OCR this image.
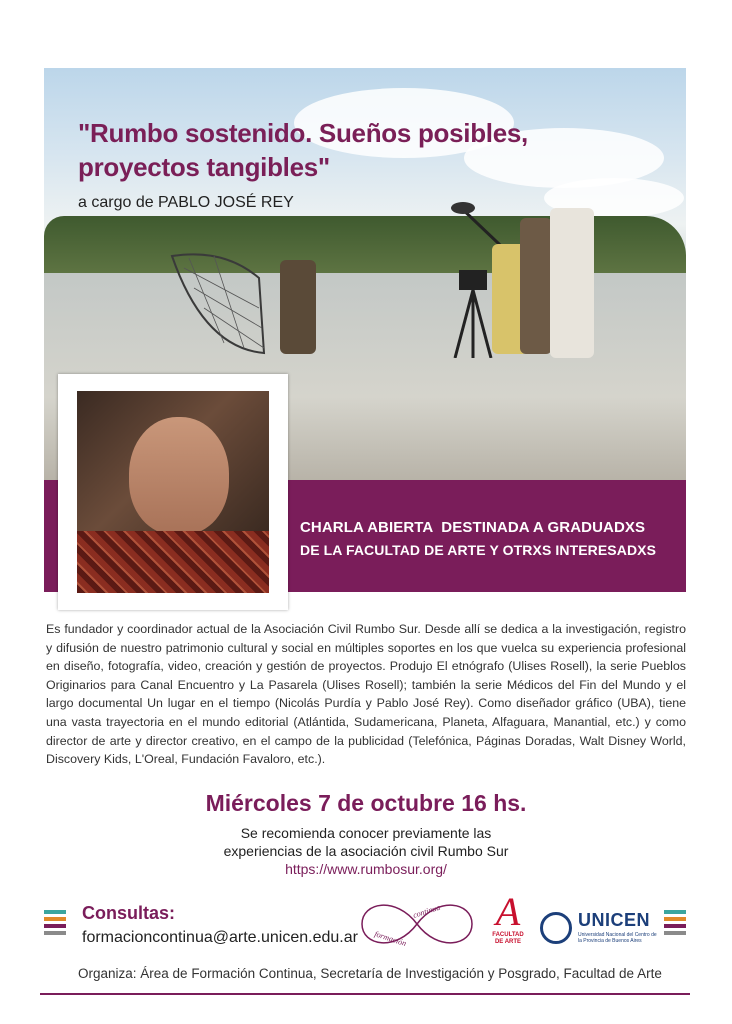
"Rumbo sostenido. Sueños posibles, proyectos tangibles"
a cargo de PABLO JOSÉ REY
CHARLA ABIERTA  DESTINADA A GRADUADXS
DE LA FACULTAD DE ARTE Y OTRXS INTERESADXS

Es fundador y coordinador actual de la Asociación Civil Rumbo Sur. Desde allí se dedica a la investigación, registro y difusión de nuestro patrimonio cultural y social en múltiples soportes en los que vuelca su experiencia profesional en diseño, fotografía, video, creación y gestión de proyectos. Produjo El etnógrafo (Ulises Rosell), la serie Pueblos Originarios para Canal Encuentro y La Pasarela (Ulises Rosell); también la serie Médicos del Fin del Mundo y el largo documental Un lugar en el tiempo (Nicolás Purdía y Pablo José Rey). Como diseñador gráfico (UBA), tiene una vasta trayectoria en el mundo editorial (Atlántida, Sudamericana, Planeta, Alfaguara, Manantial, etc.) y como director de arte y director creativo, en el campo de la publicidad (Telefónica, Páginas Doradas, Walt Disney World, Discovery Kids, L'Oreal, Fundación Favaloro, etc.).

Miércoles 7 de octubre 16 hs.
Se recomienda conocer previamente las
experiencias de la asociación civil Rumbo Sur
https://www.rumbosur.org/
Consultas:
formacioncontinua@arte.unicen.edu.ar
continua
formación
A
FACULTAD
DE ARTE
UNICEN
Universidad Nacional del Centro de la Provincia de Buenos Aires
Organiza: Área de Formación Continua, Secretaría de Investigación y Posgrado, Facultad de Arte
